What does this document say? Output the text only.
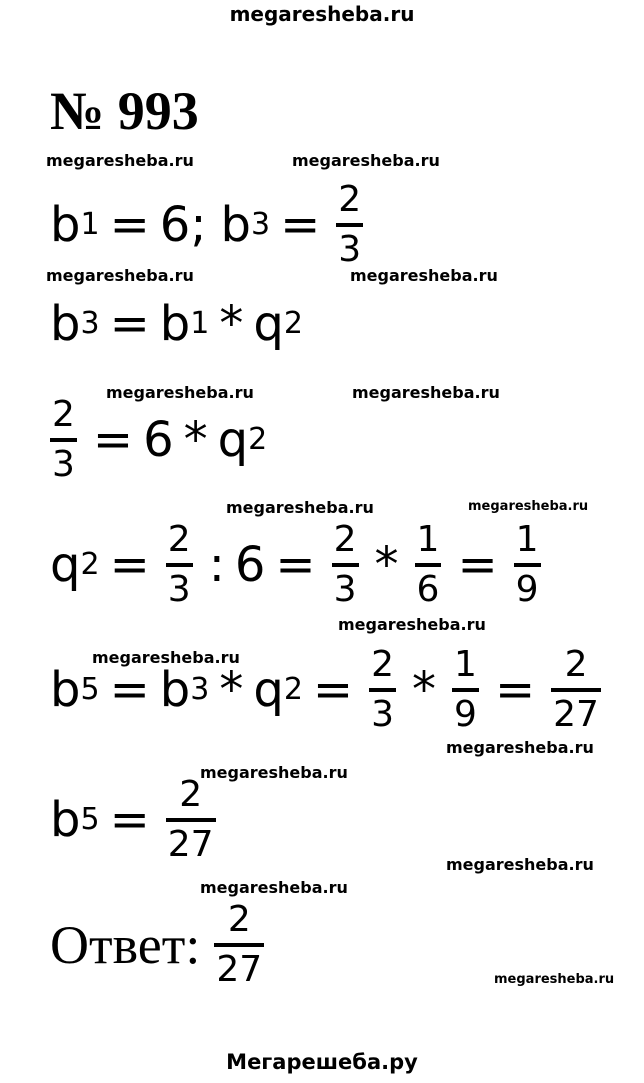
megaresheba.ru
№ 993
megaresheba.ru	megaresheba.ru
megaresheba.ru	megaresheba.ru
megaresheba.ru	megaresheba.ru
megaresheba.ru	megaresheba.ru
megaresheba.ru
megaresheba.ru
megaresheba.ru
megaresheba.ru
megaresheba.ru
megaresheba.ru
megaresheba.ru
b 1 = 6; b $3 = \frac{2}{3}$
b 3 = b 1 * q 2
$\frac{2}{3} = 6 * q$ 2
q $2 = \frac{2}{3}$ : $6 = \frac{2}{3} * \frac{1}{6} = \frac{1}{9}$
b 5 = b 3 * q $2 = \frac{2}{3} * \frac{1}{9} = \frac{2}{27}$
b $5 = \frac{2}{27}$
Ответ: $\frac{2}{27}$
Мегарешеба.ру
